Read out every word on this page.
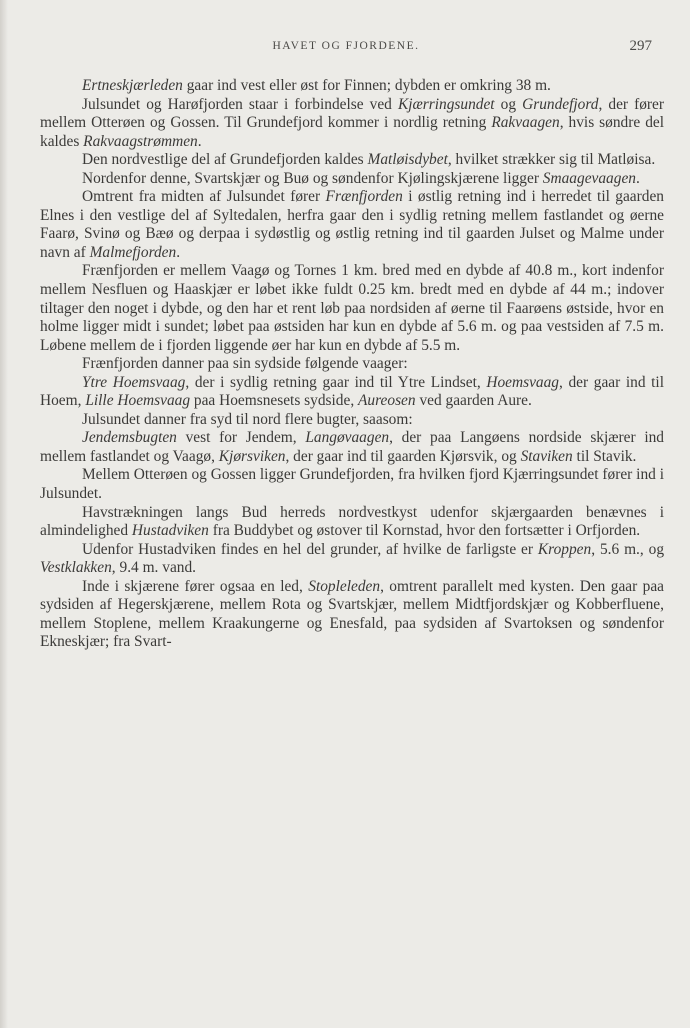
HAVET OG FJORDENE.	297

Ertneskjærleden gaar ind vest eller øst for Finnen; dybden er omkring 38 m.

Julsundet og Harøfjorden staar i forbindelse ved Kjærringsundet og Grundefjord, der fører mellem Otterøen og Gossen. Til Grundefjord kommer i nordlig retning Rakvaagen, hvis søndre del kaldes Rakvaagstrømmen.

Den nordvestlige del af Grundefjorden kaldes Matløisdybet, hvilket strækker sig til Matløisa.

Nordenfor denne, Svartskjær og Buø og søndenfor Kjølingskjærene ligger Smaagevaagen.

Omtrent fra midten af Julsundet fører Frænfjorden i østlig retning ind i herredet til gaarden Elnes i den vestlige del af Syltedalen, herfra gaar den i sydlig retning mellem fastlandet og øerne Faarø, Svinø og Bæø og derpaa i sydøstlig og østlig retning ind til gaarden Julset og Malme under navn af Malmefjorden.

Frænfjorden er mellem Vaagø og Tornes 1 km. bred med en dybde af 40.8 m., kort indenfor mellem Nesfluen og Haaskjær er løbet ikke fuldt 0.25 km. bredt med en dybde af 44 m.; indover tiltager den noget i dybde, og den har et rent løb paa nordsiden af øerne til Faarøens østside, hvor en holme ligger midt i sundet; løbet paa østsiden har kun en dybde af 5.6 m. og paa vestsiden af 7.5 m. Løbene mellem de i fjorden liggende øer har kun en dybde af 5.5 m.

Frænfjorden danner paa sin sydside følgende vaager:

Ytre Hoemsvaag, der i sydlig retning gaar ind til Ytre Lindset, Hoemsvaag, der gaar ind til Hoem, Lille Hoemsvaag paa Hoemsnesets sydside, Aureosen ved gaarden Aure.

Julsundet danner fra syd til nord flere bugter, saasom:

Jendemsbugten vest for Jendem, Langøvaagen, der paa Langøens nordside skjærer ind mellem fastlandet og Vaagø, Kjørsviken, der gaar ind til gaarden Kjørsvik, og Staviken til Stavik.

Mellem Otterøen og Gossen ligger Grundefjorden, fra hvilken fjord Kjærringsundet fører ind i Julsundet.

Havstrækningen langs Bud herreds nordvestkyst udenfor skjærgaarden benævnes i almindelighed Hustadviken fra Buddybet og østover til Kornstad, hvor den fortsætter i Orfjorden.

Udenfor Hustadviken findes en hel del grunder, af hvilke de farligste er Kroppen, 5.6 m., og Vestklakken, 9.4 m. vand.

Inde i skjærene fører ogsaa en led, Stopleleden, omtrent parallelt med kysten. Den gaar paa sydsiden af Hegerskjærene, mellem Rota og Svartskjær, mellem Midtfjordskjær og Kobberfluene, mellem Stoplene, mellem Kraakungerne og Enesfald, paa sydsiden af Svartoksen og søndenfor Ekneskjær; fra Svart-
